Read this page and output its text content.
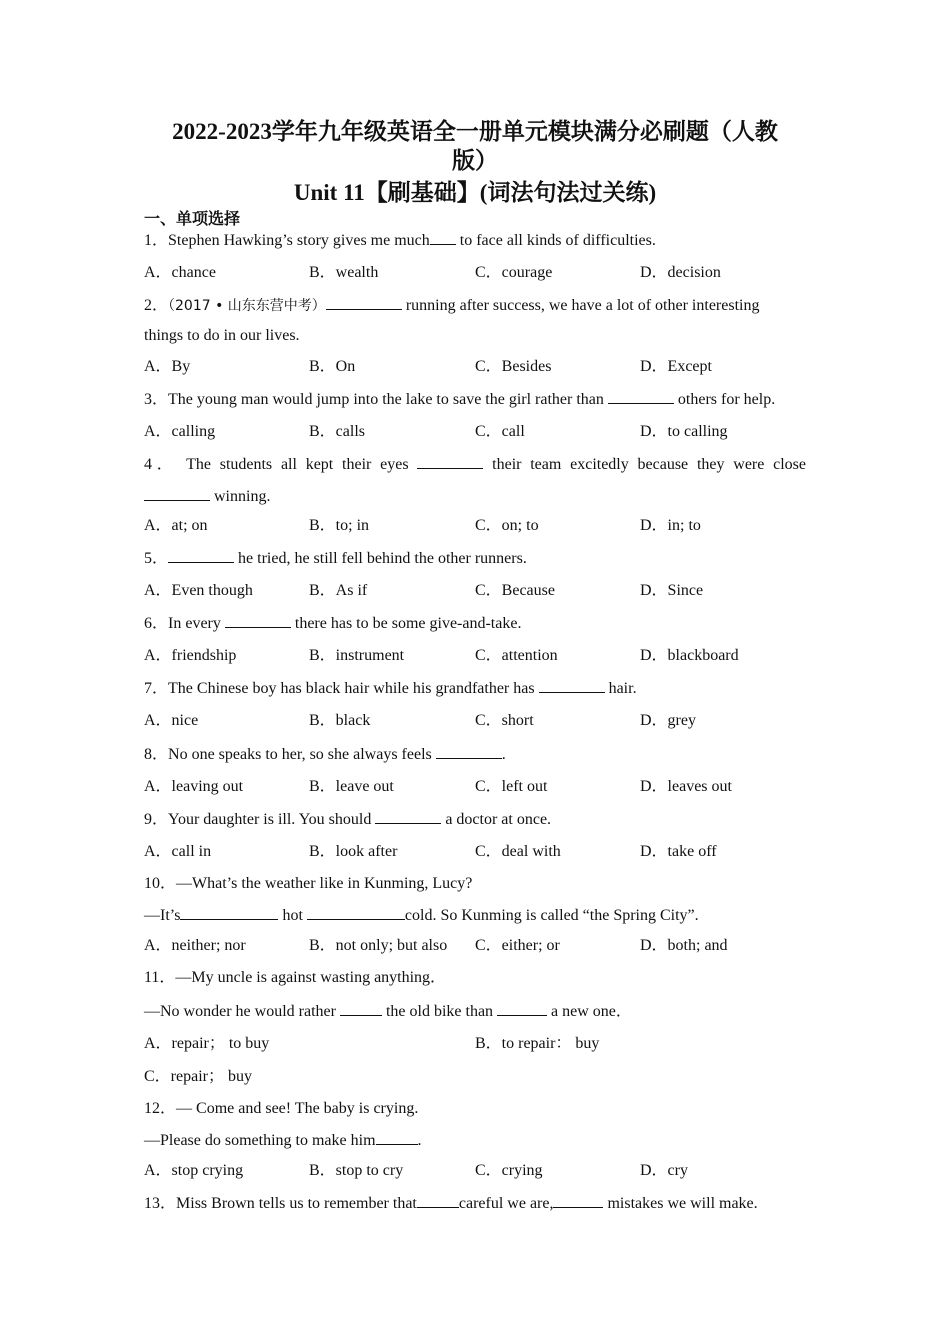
2022-2023学年九年级英语全一册单元模块满分必刷题（人教
版）
Unit 11【刷基础】(词法句法过关练)
一、单项选择
1．Stephen Hawking’s story gives me much to face all kinds of difficulties.
A．chance	B．wealth	C．courage	D．decision
2．（2017 • 山东东营中考）	running after success, we have a lot of other interesting
things to do in our lives.
A．By	B．On	C．Besides	D．Except
3．The young man would jump into the lake to save the girl rather than	others for help.
A．calling	B．calls	C．call	D．to calling
4． The students all kept their eyes	their team excitedly because they were close
winning.
A．at; on	B．to; in	C．on; to	D．in; to
5．	he tried, he still fell behind the other runners.
A．Even though	B．As if	C．Because	D．Since
6．In every	there has to be some give-and-take.
A．friendship	B．instrument	C．attention	D．blackboard
7．The Chinese boy has black hair while his grandfather has	hair.
A．nice	B．black	C．short	D．grey
8．No one speaks to her, so she always feels	.
A．leaving out	B．leave out	C．left out	D．leaves out
9．Your daughter is ill. You should	a doctor at once.
A．call in	B．look after	C．deal with	D．take off
10．—What’s the weather like in Kunming, Lucy?
—It’s	hot	cold. So Kunming is called “the Spring City”.
A．neither; nor	B．not only; but also C．either; or	D．both; and
11．—My uncle is against wasting anything．
—No wonder he would rather	the old bike than	a new one．
A．repair； to buy	B．to repair： buy
C．repair； buy
12．— Come and see! The baby is crying.
—Please do something to make him	.
A．stop crying	B．stop to cry	C．crying	D．cry
13．Miss Brown tells us to remember that	careful we are,	mistakes we will make.
